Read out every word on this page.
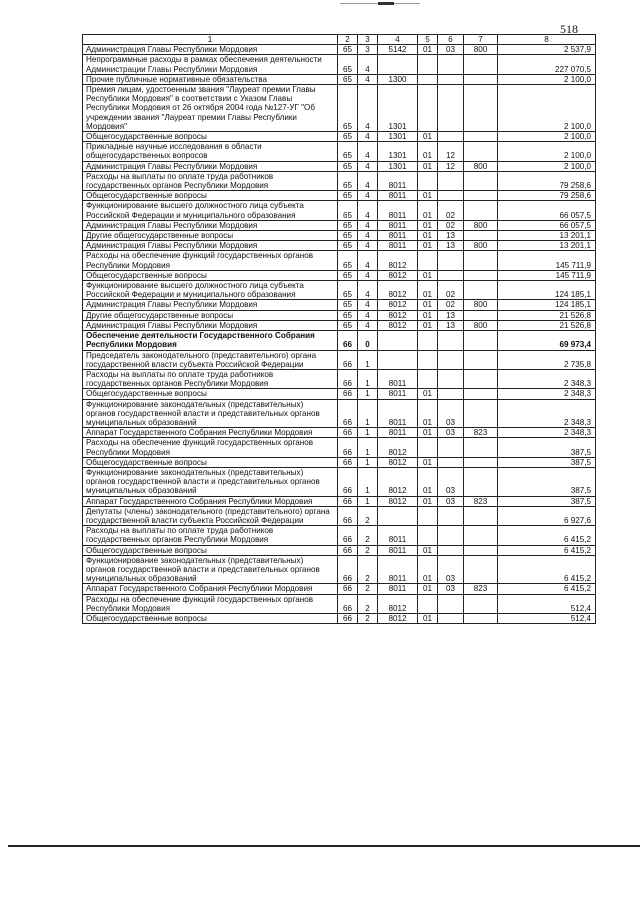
518
1	2	3	4	5	6	7	8
Администрация Главы Республики Мордовия	65	3	5142	01	03	800	2 537,9
Непрограммные расходы в рамках обеспечения деятельности Администрации Главы Республики Мордовия	65	4					227 070,5
Прочие публичные нормативные обязательства	65	4	1300				2 100,0
Премия лицам, удостоенным звания "Лауреат премии Главы Республики Мордовия" в соответствии с Указом Главы Республики Мордовия от 26 октября 2004 года №127-УГ "Об учреждении звания "Лауреат премии Главы Республики Мордовия"	65	4	1301				2 100,0
Общегосударственные вопросы	65	4	1301	01			2 100,0
Прикладные научные исследования в области общегосударственных вопросов	65	4	1301	01	12		2 100,0
Администрация Главы Республики Мордовия	65	4	1301	01	12	800	2 100,0
Расходы на выплаты по оплате труда работников государственных органов Республики Мордовия	65	4	8011				79 258,6
Общегосударственные вопросы	65	4	8011	01			79 258,6
Функционирование высшего должностного лица субъекта Российской Федерации и муниципального образования	65	4	8011	01	02		66 057,5
Администрация Главы Республики Мордовия	65	4	8011	01	02	800	66 057,5
Другие общегосударственные вопросы	65	4	8011	01	13		13 201,1
Администрация Главы Республики Мордовия	65	4	8011	01	13	800	13 201,1
Расходы на обеспечение функций государственных органов Республики Мордовия	65	4	8012				145 711,9
Общегосударственные вопросы	65	4	8012	01			145 711,9
Функционирование высшего должностного лица субъекта Российской Федерации и муниципального образования	65	4	8012	01	02		124 185,1
Администрация Главы Республики Мордовия	65	4	8012	01	02	800	124 185,1
Другие общегосударственные вопросы	65	4	8012	01	13		21 526,8
Администрация Главы Республики Мордовия	65	4	8012	01	13	800	21 526,8
Обеспечение деятельности Государственного Собрания Республики Мордовия	66	0					69 973,4
Председатель законодательного (представительного) органа государственной власти субъекта Российской Федерации	66	1					2 735,8
Расходы на выплаты по оплате труда работников государственных органов Республики Мордовия	66	1	8011				2 348,3
Общегосударственные вопросы	66	1	8011	01			2 348,3
Функционирование законодательных (представительных) органов государственной власти и представительных органов муниципальных образований	66	1	8011	01	03		2 348,3
Аппарат Государственного Собрания Республики Мордовия	66	1	8011	01	03	823	2 348,3
Расходы на обеспечение функций государственных органов Республики Мордовия	66	1	8012				387,5
Общегосударственные вопросы	66	1	8012	01			387,5
Функционирование законодательных (представительных) органов государственной власти и представительных органов муниципальных образований	66	1	8012	01	03		387,5
Аппарат Государственного Собрания Республики Мордовия	66	1	8012	01	03	823	387,5
Депутаты (члены) законодательного (представительного) органа государственной власти субъекта Российской Федерации	66	2					6 927,6
Расходы на выплаты по оплате труда работников государственных органов Республики Мордовия	66	2	8011				6 415,2
Общегосударственные вопросы	66	2	8011	01			6 415,2
Функционирование законодательных (представительных) органов государственной власти и представительных органов муниципальных образований	66	2	8011	01	03		6 415,2
Аппарат Государственного Собрания Республики Мордовия	66	2	8011	01	03	823	6 415,2
Расходы на обеспечение функций государственных органов Республики Мордовия	66	2	8012				512,4
Общегосударственные вопросы	66	2	8012	01			512,4
